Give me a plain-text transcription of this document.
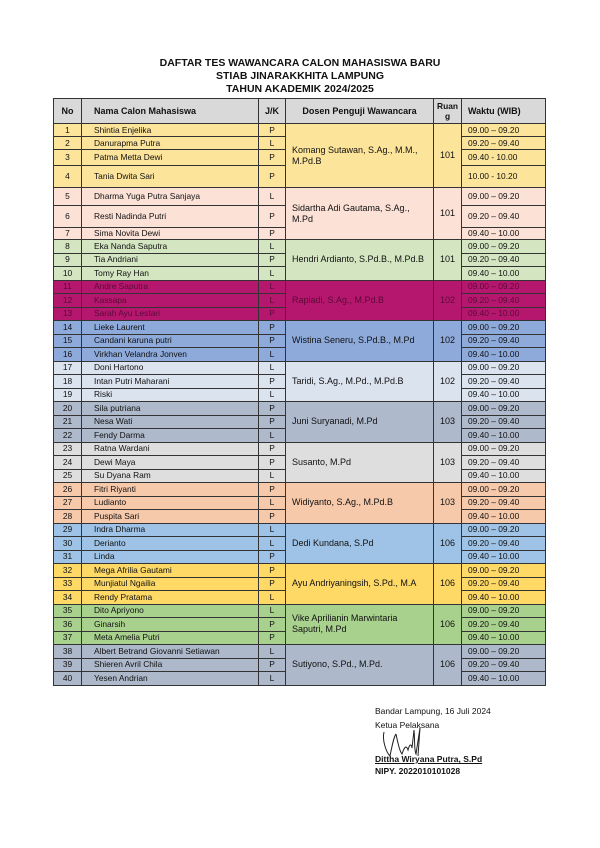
DAFTAR TES WAWANCARA CALON MAHASISWA BARU
STIAB JINARAKKHITA LAMPUNG
TAHUN AKADEMIK 2024/2025
No	Nama Calon Mahasiswa	J/K	Dosen Penguji Wawancara	Ruan g	Waktu (WIB)
1	Shintia Enjelika	P	Komang Sutawan, S.Ag., M.M., M.Pd.B	101	09.00 – 09.20
2	Danurapma Putra	L			09.20 – 09.40
3	Patma Metta Dewi	P			09.40 - 10.00
4	Tania Dwita Sari	P			10.00 - 10.20
5	Dharma Yuga Putra Sanjaya	L	Sidartha Adi Gautama, S.Ag., M.Pd	101	09.00 – 09.20
6	Resti Nadinda Putri	P			09.20 – 09.40
7	Sima Novita Dewi	P			09.40 – 10.00
8	Eka Nanda Saputra	L	Hendri Ardianto, S.Pd.B., M.Pd.B	101	09.00 – 09.20
9	Tia Andriani	P			09.20 – 09.40
10	Tomy Ray Han	L			09.40 – 10.00
11	Andre Saputra	L	Rapiadi, S.Ag., M.Pd.B	102	09.00 – 09.20
12	Kassapa	L			09.20 – 09.40
13	Sarah Ayu Lestari	P			09.40 – 10.00
14	Lieke Laurent	P	Wistina Seneru, S.Pd.B., M.Pd	102	09.00 – 09.20
15	Candani karuna putri	P			09.20 – 09.40
16	Virkhan Velandra Jonven	L			09.40 – 10.00
17	Doni Hartono	L	Taridi, S.Ag., M.Pd., M.Pd.B	102	09.00 – 09.20
18	Intan Putri Maharani	P			09.20 – 09.40
19	Riski	L			09.40 – 10.00
20	Sila putriana	P	Juni Suryanadi, M.Pd	103	09.00 – 09.20
21	Nesa Wati	P			09.20 – 09.40
22	Fendy Darma	L			09.40 – 10.00
23	Ratna Wardani	P	Susanto, M.Pd	103	09.00 – 09.20
24	Dewi Maya	P			09.20 – 09.40
25	Su Dyana Ram	L			09.40 – 10.00
26	Fitri Riyanti	P	Widiyanto, S.Ag., M.Pd.B	103	09.00 – 09.20
27	Ludianto	L			09.20 – 09.40
28	Puspita Sari	P			09.40 – 10.00
29	Indra Dharma	L	Dedi Kundana, S.Pd	106	09.00 – 09.20
30	Derianto	L			09.20 – 09.40
31	Linda	P			09.40 – 10.00
32	Mega Afrilia Gautami	P	Ayu Andriyaningsih, S.Pd., M.A	106	09.00 – 09.20
33	Munjiatul Ngailia	P			09.20 – 09.40
34	Rendy Pratama	L			09.40 – 10.00
35	Dito Apriyono	L	Vike Aprilianin Marwintaria Saputri, M.Pd	106	09.00 – 09.20
36	Ginarsih	P			09.20 – 09.40
37	Meta Amelia Putri	P			09.40 – 10.00
38	Albert Betrand Giovanni Setiawan	L	Sutiyono, S.Pd., M.Pd.	106	09.00 – 09.20
39	Shieren Avril Chila	P			09.20 – 09.40
40	Yesen Andrian	L			09.40 – 10.00
Bandar Lampung, 16 Juli 2024
Ketua Pelaksana
Dittha Wiryana Putra, S.Pd
NIPY. 2022010101028
